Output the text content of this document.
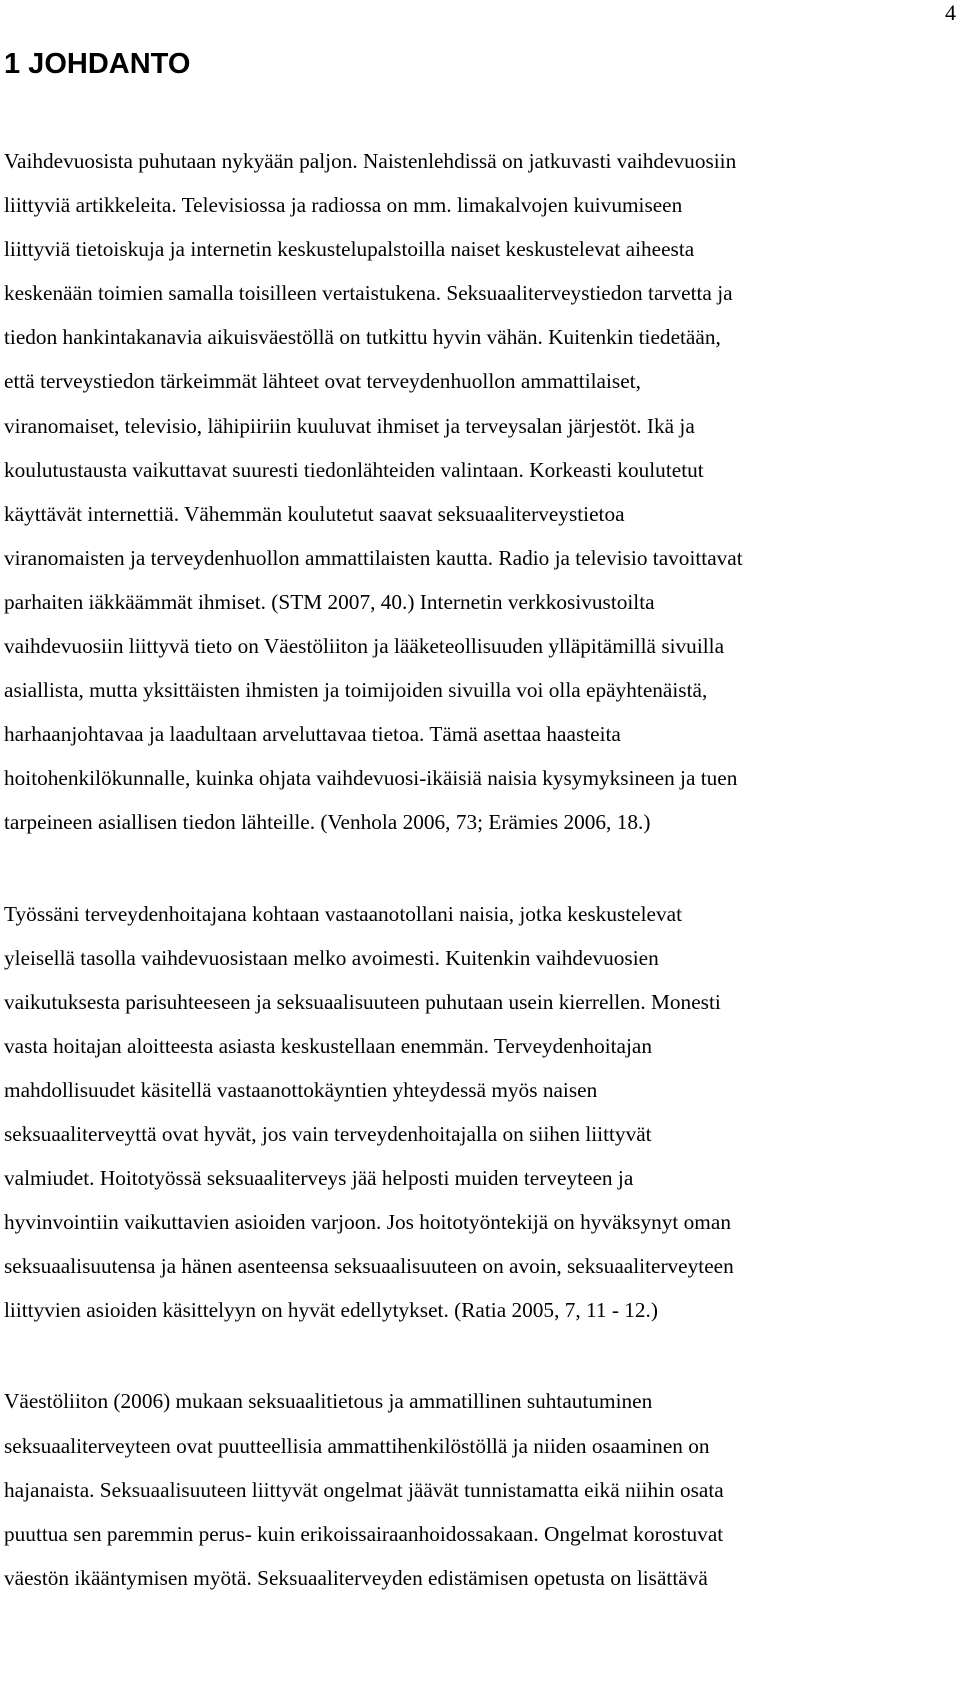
4
1 JOHDANTO
Vaihdevuosista puhutaan nykyään paljon. Naistenlehdissä on jatkuvasti vaihdevuosiin
liittyviä artikkeleita. Televisiossa ja radiossa on mm. limakalvojen kuivumiseen
liittyviä tietoiskuja ja internetin keskustelupalstoilla naiset keskustelevat aiheesta
keskenään toimien samalla toisilleen vertaistukena. Seksuaaliterveystiedon tarvetta ja
tiedon hankintakanavia aikuisväestöllä on tutkittu hyvin vähän. Kuitenkin tiedetään,
että terveystiedon tärkeimmät lähteet ovat terveydenhuollon ammattilaiset,
viranomaiset, televisio, lähipiiriin kuuluvat ihmiset ja terveysalan järjestöt. Ikä ja
koulutustausta vaikuttavat suuresti tiedonlähteiden valintaan. Korkeasti koulutetut
käyttävät internettiä. Vähemmän koulutetut saavat seksuaaliterveystietoa
viranomaisten ja terveydenhuollon ammattilaisten kautta. Radio ja televisio tavoittavat
parhaiten iäkkäämmät ihmiset. (STM 2007, 40.) Internetin verkkosivustoilta
vaihdevuosiin liittyvä tieto on Väestöliiton ja lääketeollisuuden ylläpitämillä sivuilla
asiallista, mutta yksittäisten ihmisten ja toimijoiden sivuilla voi olla epäyhtenäistä,
harhaanjohtavaa ja laadultaan arveluttavaa tietoa. Tämä asettaa haasteita
hoitohenkilökunnalle, kuinka ohjata vaihdevuosi-ikäisiä naisia kysymyksineen ja tuen
tarpeineen asiallisen tiedon lähteille. (Venhola 2006, 73; Erämies 2006, 18.)
Työssäni terveydenhoitajana kohtaan vastaanotollani naisia, jotka keskustelevat
yleisellä tasolla vaihdevuosistaan melko avoimesti. Kuitenkin vaihdevuosien
vaikutuksesta parisuhteeseen ja seksuaalisuuteen puhutaan usein kierrellen. Monesti
vasta hoitajan aloitteesta asiasta keskustellaan enemmän. Terveydenhoitajan
mahdollisuudet käsitellä vastaanottokäyntien yhteydessä myös naisen
seksuaaliterveyttä ovat hyvät, jos vain terveydenhoitajalla on siihen liittyvät
valmiudet. Hoitotyössä seksuaaliterveys jää helposti muiden terveyteen ja
hyvinvointiin vaikuttavien asioiden varjoon. Jos hoitotyöntekijä on hyväksynyt oman
seksuaalisuutensa ja hänen asenteensa seksuaalisuuteen on avoin, seksuaaliterveyteen
liittyvien asioiden käsittelyyn on hyvät edellytykset. (Ratia 2005, 7, 11 - 12.)
Väestöliiton (2006) mukaan seksuaalitietous ja ammatillinen suhtautuminen
seksuaaliterveyteen ovat puutteellisia ammattihenkilöstöllä ja niiden osaaminen on
hajanaista. Seksuaalisuuteen liittyvät ongelmat jäävät tunnistamatta eikä niihin osata
puuttua sen paremmin perus- kuin erikoissairaanhoidossakaan. Ongelmat korostuvat
väestön ikääntymisen myötä. Seksuaaliterveyden edistämisen opetusta on lisättävä
